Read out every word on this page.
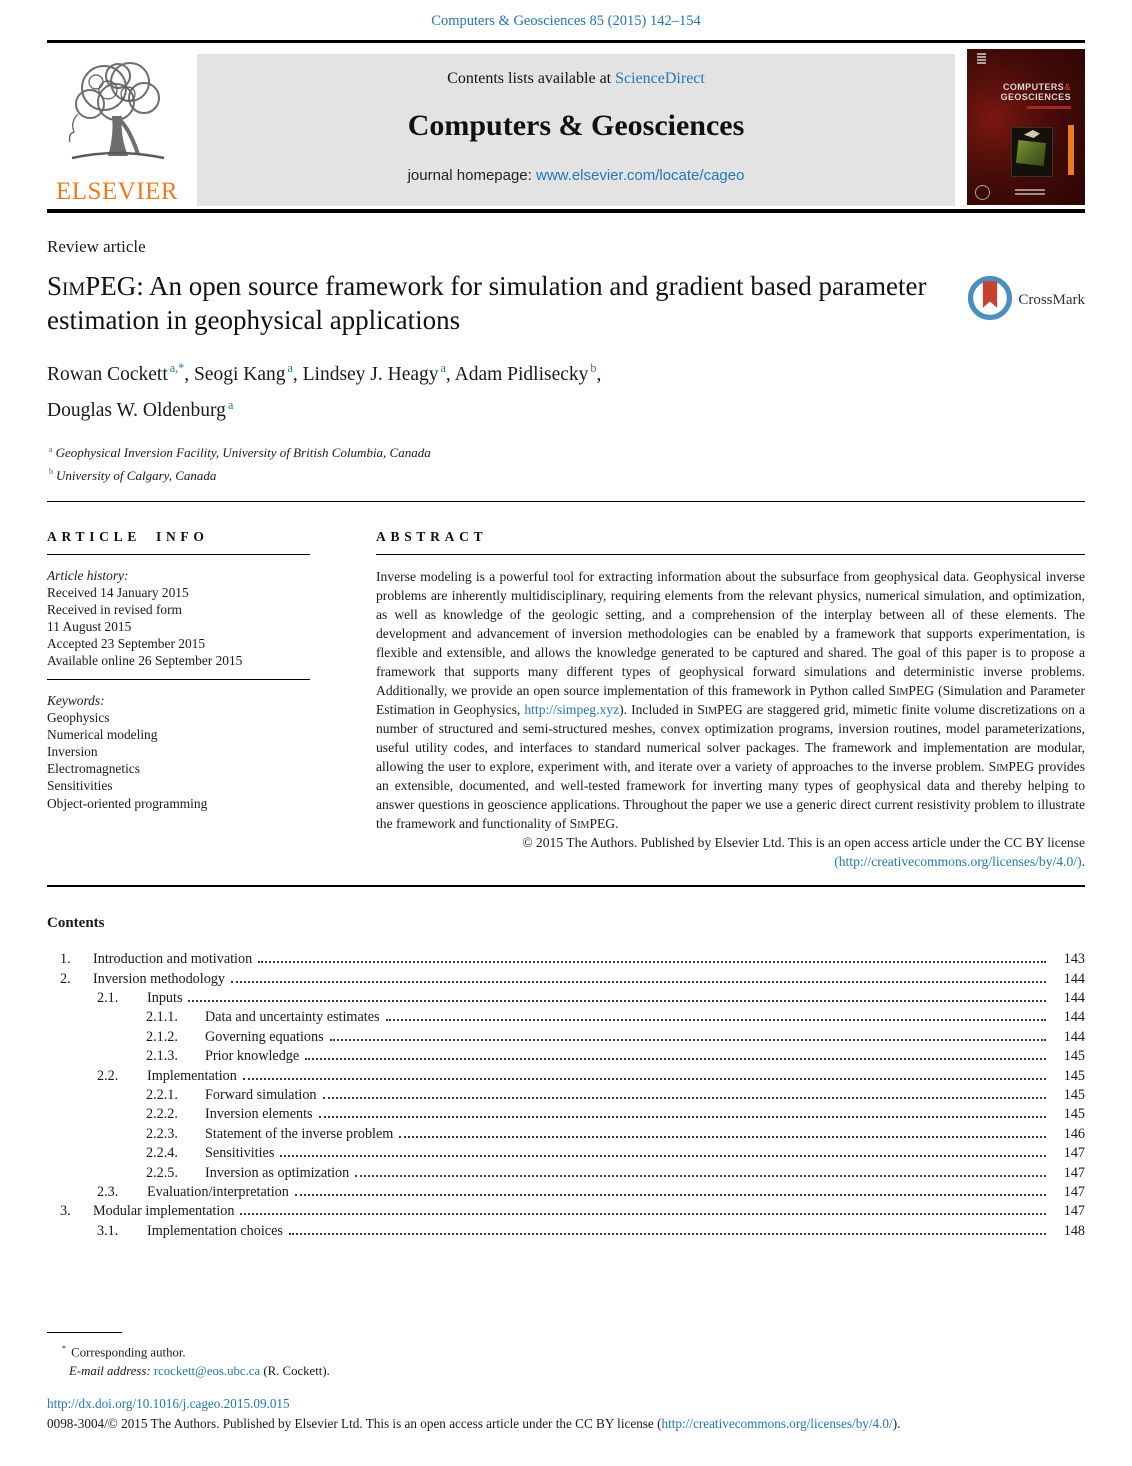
Computers & Geosciences 85 (2015) 142–154
ELSEVIER
Contents lists available at ScienceDirect
Computers & Geosciences
journal homepage: www.elsevier.com/locate/cageo
COMPUTERS&
GEOSCIENCES
Review article
SimPEG: An open source framework for simulation and gradient based parameter estimation in geophysical applications
CrossMark
Rowan Cockett $^{a,*}$, Seogi Kang $^a$, Lindsey J. Heagy $^a$, Adam Pidlisecky $^b$,
Douglas W. Oldenburg $^a$
$^a$ Geophysical Inversion Facility, University of British Columbia, Canada
$^b$ University of Calgary, Canada
ARTICLE INFO
Article history:
Received 14 January 2015
Received in revised form
11 August 2015
Accepted 23 September 2015
Available online 26 September 2015
Keywords:
Geophysics
Numerical modeling
Inversion
Electromagnetics
Sensitivities
Object-oriented programming
ABSTRACT

Inverse modeling is a powerful tool for extracting information about the subsurface from geophysical data. Geophysical inverse problems are inherently multidisciplinary, requiring elements from the relevant physics, numerical simulation, and optimization, as well as knowledge of the geologic setting, and a comprehension of the interplay between all of these elements. The development and advancement of inversion methodologies can be enabled by a framework that supports experimentation, is flexible and extensible, and allows the knowledge generated to be captured and shared. The goal of this paper is to propose a framework that supports many different types of geophysical forward simulations and deterministic inverse problems. Additionally, we provide an open source implementation of this framework in Python called SimPEG (Simulation and Parameter Estimation in Geophysics, http://simpeg.xyz). Included in SimPEG are staggered grid, mimetic finite volume discretizations on a number of structured and semi-structured meshes, convex optimization programs, inversion routines, model parameterizations, useful utility codes, and interfaces to standard numerical solver packages. The framework and implementation are modular, allowing the user to explore, experiment with, and iterate over a variety of approaches to the inverse problem. SimPEG provides an extensible, documented, and well-tested framework for inverting many types of geophysical data and thereby helping to answer questions in geoscience applications. Throughout the paper we use a generic direct current resistivity problem to illustrate the framework and functionality of SimPEG.

© 2015 The Authors. Published by Elsevier Ltd. This is an open access article under the CC BY license
(http://creativecommons.org/licenses/by/4.0/).
Contents
1.	Introduction and motivation	143
2.	Inversion methodology	144
2.1.	Inputs	144
2.1.1.	Data and uncertainty estimates	144
2.1.2.	Governing equations	144
2.1.3.	Prior knowledge	145
2.2.	Implementation	145
2.2.1.	Forward simulation	145
2.2.2.	Inversion elements	145
2.2.3.	Statement of the inverse problem	146
2.2.4.	Sensitivities	147
2.2.5.	Inversion as optimization	147
2.3.	Evaluation/interpretation	147
3.	Modular implementation	147
3.1.	Implementation choices	148
* Corresponding author.
E-mail address: rcockett@eos.ubc.ca (R. Cockett).
http://dx.doi.org/10.1016/j.cageo.2015.09.015
0098-3004/© 2015 The Authors. Published by Elsevier Ltd. This is an open access article under the CC BY license (http://creativecommons.org/licenses/by/4.0/).
